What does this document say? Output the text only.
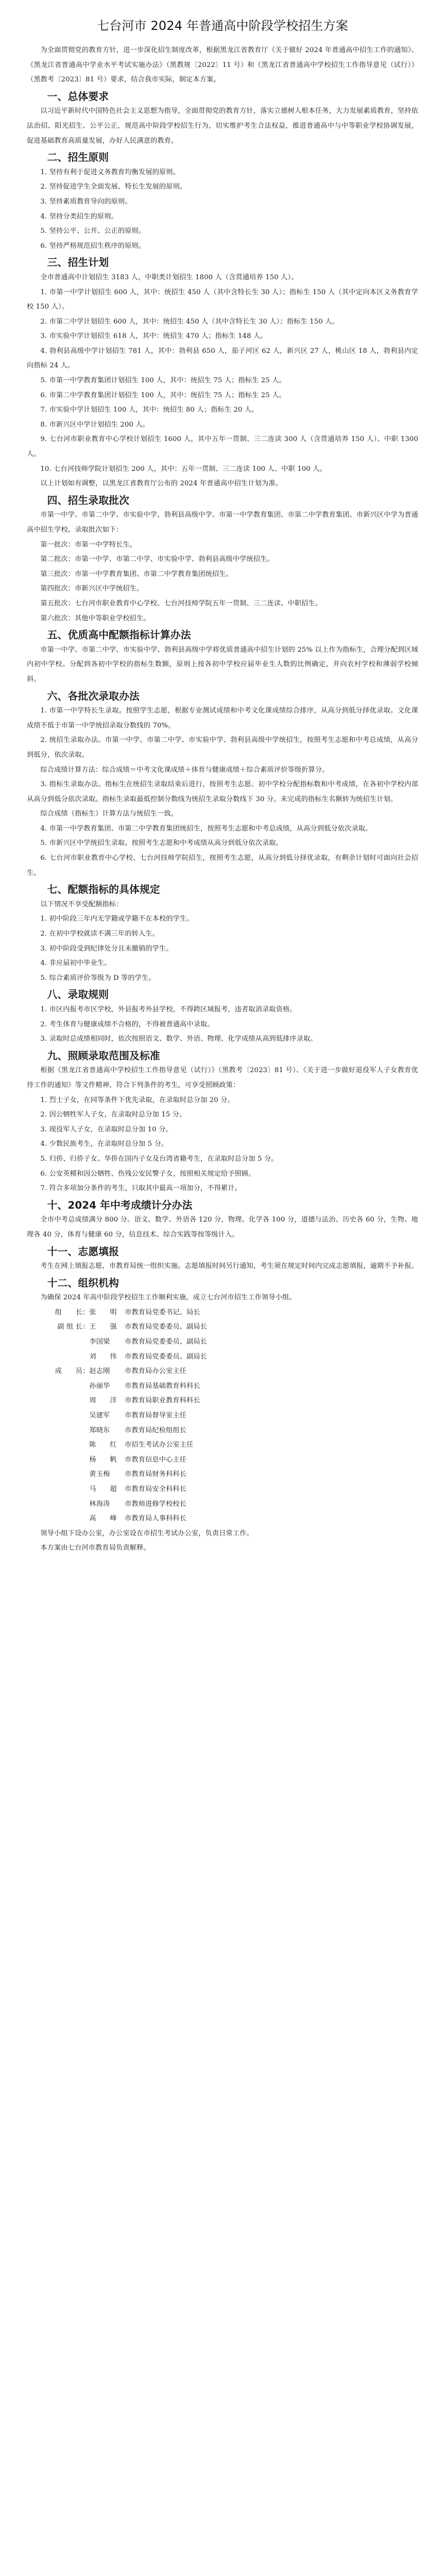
七台河市 2024 年普通高中阶段学校招生方案

为全面贯彻党的教育方针，进一步深化招生制度改革，根据黑龙江省教育厅《关于做好 2024 年普通高中招生工作的通知》、《黑龙江省普通高中学业水平考试实施办法》（黑教规〔2022〕11 号）和《黑龙江省普通高中学校招生工作指导意见（试行）》（黑教考〔2023〕81 号）要求，结合我市实际，制定本方案。

一、总体要求

以习近平新时代中国特色社会主义思想为指导，全面贯彻党的教育方针，落实立德树人根本任务，大力发展素质教育，坚持依法治招、阳光招生、公平公正，规范高中阶段学校招生行为，切实维护考生合法权益，推进普通高中与中等职业学校协调发展，促进基础教育高质量发展，办好人民满意的教育。

二、招生原则

1. 坚持有利于促进义务教育均衡发展的原则。

2. 坚持促进学生全面发展、特长生发展的原则。

3. 坚持素质教育导向的原则。

4. 坚持分类招生的原则。

5. 坚持公平、公开、公正的原则。

6. 坚持严格规范招生秩序的原则。

三、招生计划

全市普通高中计划招生 3183 人，中职类计划招生 1800 人（含贯通培养 150 人）。

1. 市第一中学计划招生 600 人，其中：统招生 450 人（其中含特长生 30 人）；指标生 150 人（其中定向本区义务教育学校 150 人）。

2. 市第二中学计划招生 600 人，其中：统招生 450 人（其中含特长生 30 人）；指标生 150 人。

3. 市实验中学计划招生 618 人，其中：统招生 470 人；指标生 148 人。

4. 勃利县高级中学计划招生 781 人，其中：勃利县 650 人，茄子河区 62 人，新兴区 27 人，桃山区 18 人，勃利县内定向指标 24 人。

5. 市第一中学教育集团计划招生 100 人，其中：统招生 75 人；指标生 25 人。

6. 市第二中学教育集团计划招生 100 人，其中：统招生 75 人；指标生 25 人。

7. 市实验中学计划招生 100 人，其中：统招生 80 人；指标生 20 人。

8. 市新兴区中学计划招生 200 人。

9. 七台河市职业教育中心学校计划招生 1600 人，其中五年一贯制、三二连读 300 人（含贯通培养 150 人）、中职 1300 人。

10. 七台河技师学院计划招生 200 人，其中：五年一贯制、三二连读 100 人、中职 100 人。

以上计划如有调整，以黑龙江省教育厅公布的 2024 年普通高中招生计划为准。

四、招生录取批次

市第一中学、市第二中学、市实验中学、勃利县高级中学、市第一中学教育集团、市第二中学教育集团、市新兴区中学为普通高中招生学校。录取批次如下：

第一批次：市第一中学特长生。

第二批次：市第一中学、市第二中学、市实验中学、勃利县高级中学统招生。

第三批次：市第一中学教育集团、市第二中学教育集团统招生。

第四批次：市新兴区中学统招生。

第五批次：七台河市职业教育中心学校、七台河技师学院五年一贯制、三二连读、中职招生。

第六批次：其他中等职业学校招生。

五、优质高中配额指标计算办法

市第一中学、市第二中学、市实验中学、勃利县高级中学将优质普通高中招生计划的 25% 以上作为指标生，合理分配到区域内初中学校。分配到各初中学校的指标生数额，原则上按各初中学校应届毕业生人数的比例确定，并向农村学校和薄弱学校倾斜。

六、各批次录取办法

1. 市第一中学特长生录取。按照学生志愿，根据专业测试成绩和中考文化课成绩综合排序，从高分到低分择优录取。文化课成绩不低于市第一中学统招录取分数线的 70%。

2. 统招生录取办法。市第一中学、市第二中学、市实验中学、勃利县高级中学统招生，按照考生志愿和中考总成绩，从高分到低分，依次录取。

综合成绩计算方法：综合成绩＝中考文化课成绩＋体育与健康成绩＋综合素质评价等级折算分。

3. 指标生录取办法。指标生在统招生录取结束后进行，按照考生志愿、初中学校分配指标数和中考成绩，在各初中学校内部从高分到低分依次录取。指标生录取最低控制分数线为统招生录取分数线下 30 分。未完成的指标生名额转为统招生计划。

综合成绩（指标生）计算方法与统招生一致。

4. 市第一中学教育集团、市第二中学教育集团统招生，按照考生志愿和中考总成绩，从高分到低分依次录取。

5. 市新兴区中学统招生录取。按照考生志愿和中考成绩从高分到低分依次录取。

6. 七台河市职业教育中心学校、七台河技师学院招生，按照考生志愿，从高分到低分择优录取，有剩余计划时可面向社会招生。

七、配额指标的具体规定

以下情况不享受配额指标：

1. 初中阶段三年内无学籍或学籍不在本校的学生。

2. 在初中学校就读不满三年的转入生。

3. 初中阶段受到纪律处分且未撤销的学生。

4. 非应届初中毕业生。

5. 综合素质评价等级为 D 等的学生。

八、录取规则

1. 市区内报考市区学校，外县报考外县学校，不得跨区域报考，违者取消录取资格。

2. 考生体育与健康成绩不合格的，不得被普通高中录取。

3. 录取时总成绩相同时，依次按照语文、数学、外语、物理、化学成绩从高到低排序录取。

九、照顾录取范围及标准

根据《黑龙江省普通高中学校招生工作指导意见（试行）》（黑教考〔2023〕81 号）、《关于进一步做好退役军人子女教育优待工作的通知》等文件精神，符合下列条件的考生，可享受照顾政策：

1. 烈士子女，在同等条件下优先录取，在录取时总分加 20 分。

2. 因公牺牲军人子女，在录取时总分加 15 分。

3. 现役军人子女，在录取时总分加 10 分。

4. 少数民族考生，在录取时总分加 5 分。

5. 归侨、归侨子女、华侨在国内子女及台湾省籍考生，在录取时总分加 5 分。

6. 公安英模和因公牺牲、伤残公安民警子女，按照相关规定给予照顾。

7. 符合多项加分条件的考生，只取其中最高一项加分，不得累计。

十、2024 年中考成绩计分办法

全市中考总成绩满分 800 分。语文、数学、外语各 120 分，物理、化学各 100 分，道德与法治、历史各 60 分，生物、地理各 40 分，体育与健康 60 分，信息技术、综合实践等按等级计入。

十一、志愿填报

考生在网上填报志愿，市教育局统一组织实施。志愿填报时间另行通知，考生须在规定时间内完成志愿填报，逾期不予补报。

十二、组织机构

为确保 2024 年高中阶段学校招生工作顺利实施，成立七台河市招生工作领导小组。

组　　长： 张　　明	市教育局党委书记、局长
副 组 长： 王　　强	市教育局党委委员、副局长
李国梁	市教育局党委委员、副局长
刘　　伟	市教育局党委委员、副局长
成　　员： 赵志刚	市教育局办公室主任
孙丽华	市教育局基础教育科科长
周　　洋	市教育局职业教育科科长
吴建军	市教育局督导室主任
郑晓东	市教育局纪检组组长
陈　　红	市招生考试办公室主任
杨　　帆	市教育信息中心主任
黄玉梅	市教育局财务科科长
马　　超	市教育局安全科科长
林海涛	市教师进修学校校长
高　　峰	市教育局人事科科长

领导小组下设办公室，办公室设在市招生考试办公室，负责日常工作。

本方案由七台河市教育局负责解释。
